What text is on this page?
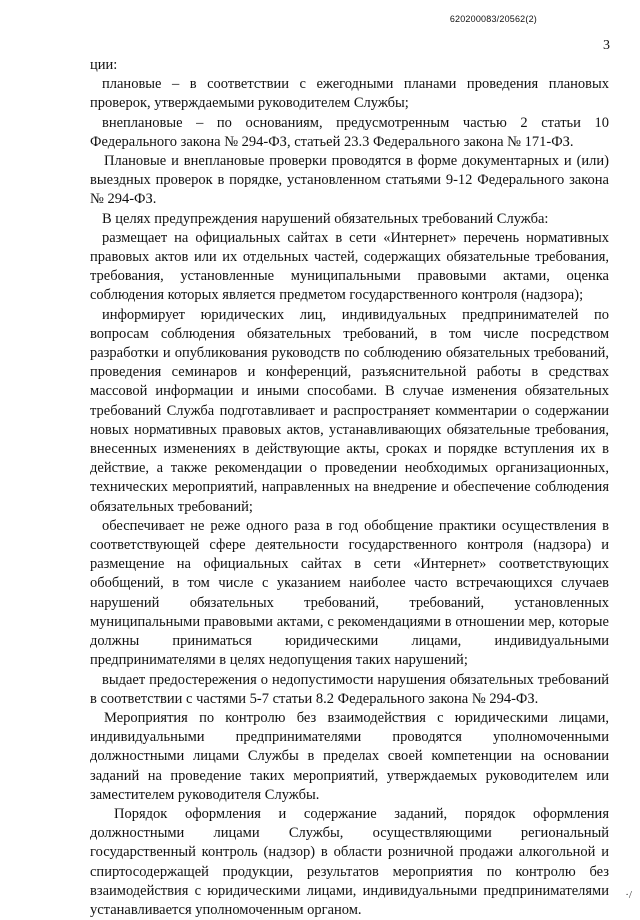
620200083/20562(2)
3

ции:

плановые – в соответствии с ежегодными планами проведения плановых проверок, утверждаемыми руководителем Службы;

внеплановые – по основаниям, предусмотренным частью 2 статьи 10 Федерального закона № 294-ФЗ, статьей 23.3 Федерального закона № 171-ФЗ.

Плановые и внеплановые проверки проводятся в форме документарных и (или) выездных проверок в порядке, установленном статьями 9-12 Федерального закона № 294-ФЗ.

В целях предупреждения нарушений обязательных требований Служба:

размещает на официальных сайтах в сети «Интернет» перечень нормативных правовых актов или их отдельных частей, содержащих обязательные требования, требования, установленные муниципальными правовыми актами, оценка соблюдения которых является предметом государственного контроля (надзора);

информирует юридических лиц, индивидуальных предпринимателей по вопросам соблюдения обязательных требований, в том числе посредством разработки и опубликования руководств по соблюдению обязательных требований, проведения семинаров и конференций, разъяснительной работы в средствах массовой информации и иными способами. В случае изменения обязательных требований Служба подготавливает и распространяет комментарии о содержании новых нормативных правовых актов, устанавливающих обязательные требования, внесенных изменениях в действующие акты, сроках и порядке вступления их в действие, а также рекомендации о проведении необходимых организационных, технических мероприятий, направленных на внедрение и обеспечение соблюдения обязательных требований;

обеспечивает не реже одного раза в год обобщение практики осуществления в соответствующей сфере деятельности государственного контроля (надзора) и размещение на официальных сайтах в сети «Интернет» соответствующих обобщений, в том числе с указанием наиболее часто встречающихся случаев нарушений обязательных требований, требований, установленных муниципальными правовыми актами, с рекомендациями в отношении мер, которые должны приниматься юридическими лицами, индивидуальными предпринимателями в целях недопущения таких нарушений;

выдает предостережения о недопустимости нарушения обязательных требований в соответствии с частями 5-7 статьи 8.2 Федерального закона № 294-ФЗ.

Мероприятия по контролю без взаимодействия с юридическими лицами, индивидуальными предпринимателями проводятся уполномоченными должностными лицами Службы в пределах своей компетенции на основании заданий на проведение таких мероприятий, утверждаемых руководителем или заместителем руководителя Службы.

Порядок оформления и содержание заданий, порядок оформления должностными лицами Службы, осуществляющими региональный государственный контроль (надзор) в области розничной продажи алкогольной и спиртосодержащей продукции, результатов мероприятия по контролю без взаимодействия с юридическими лицами, индивидуальными предпринимателями устанавливается уполномоченным органом.

·/
